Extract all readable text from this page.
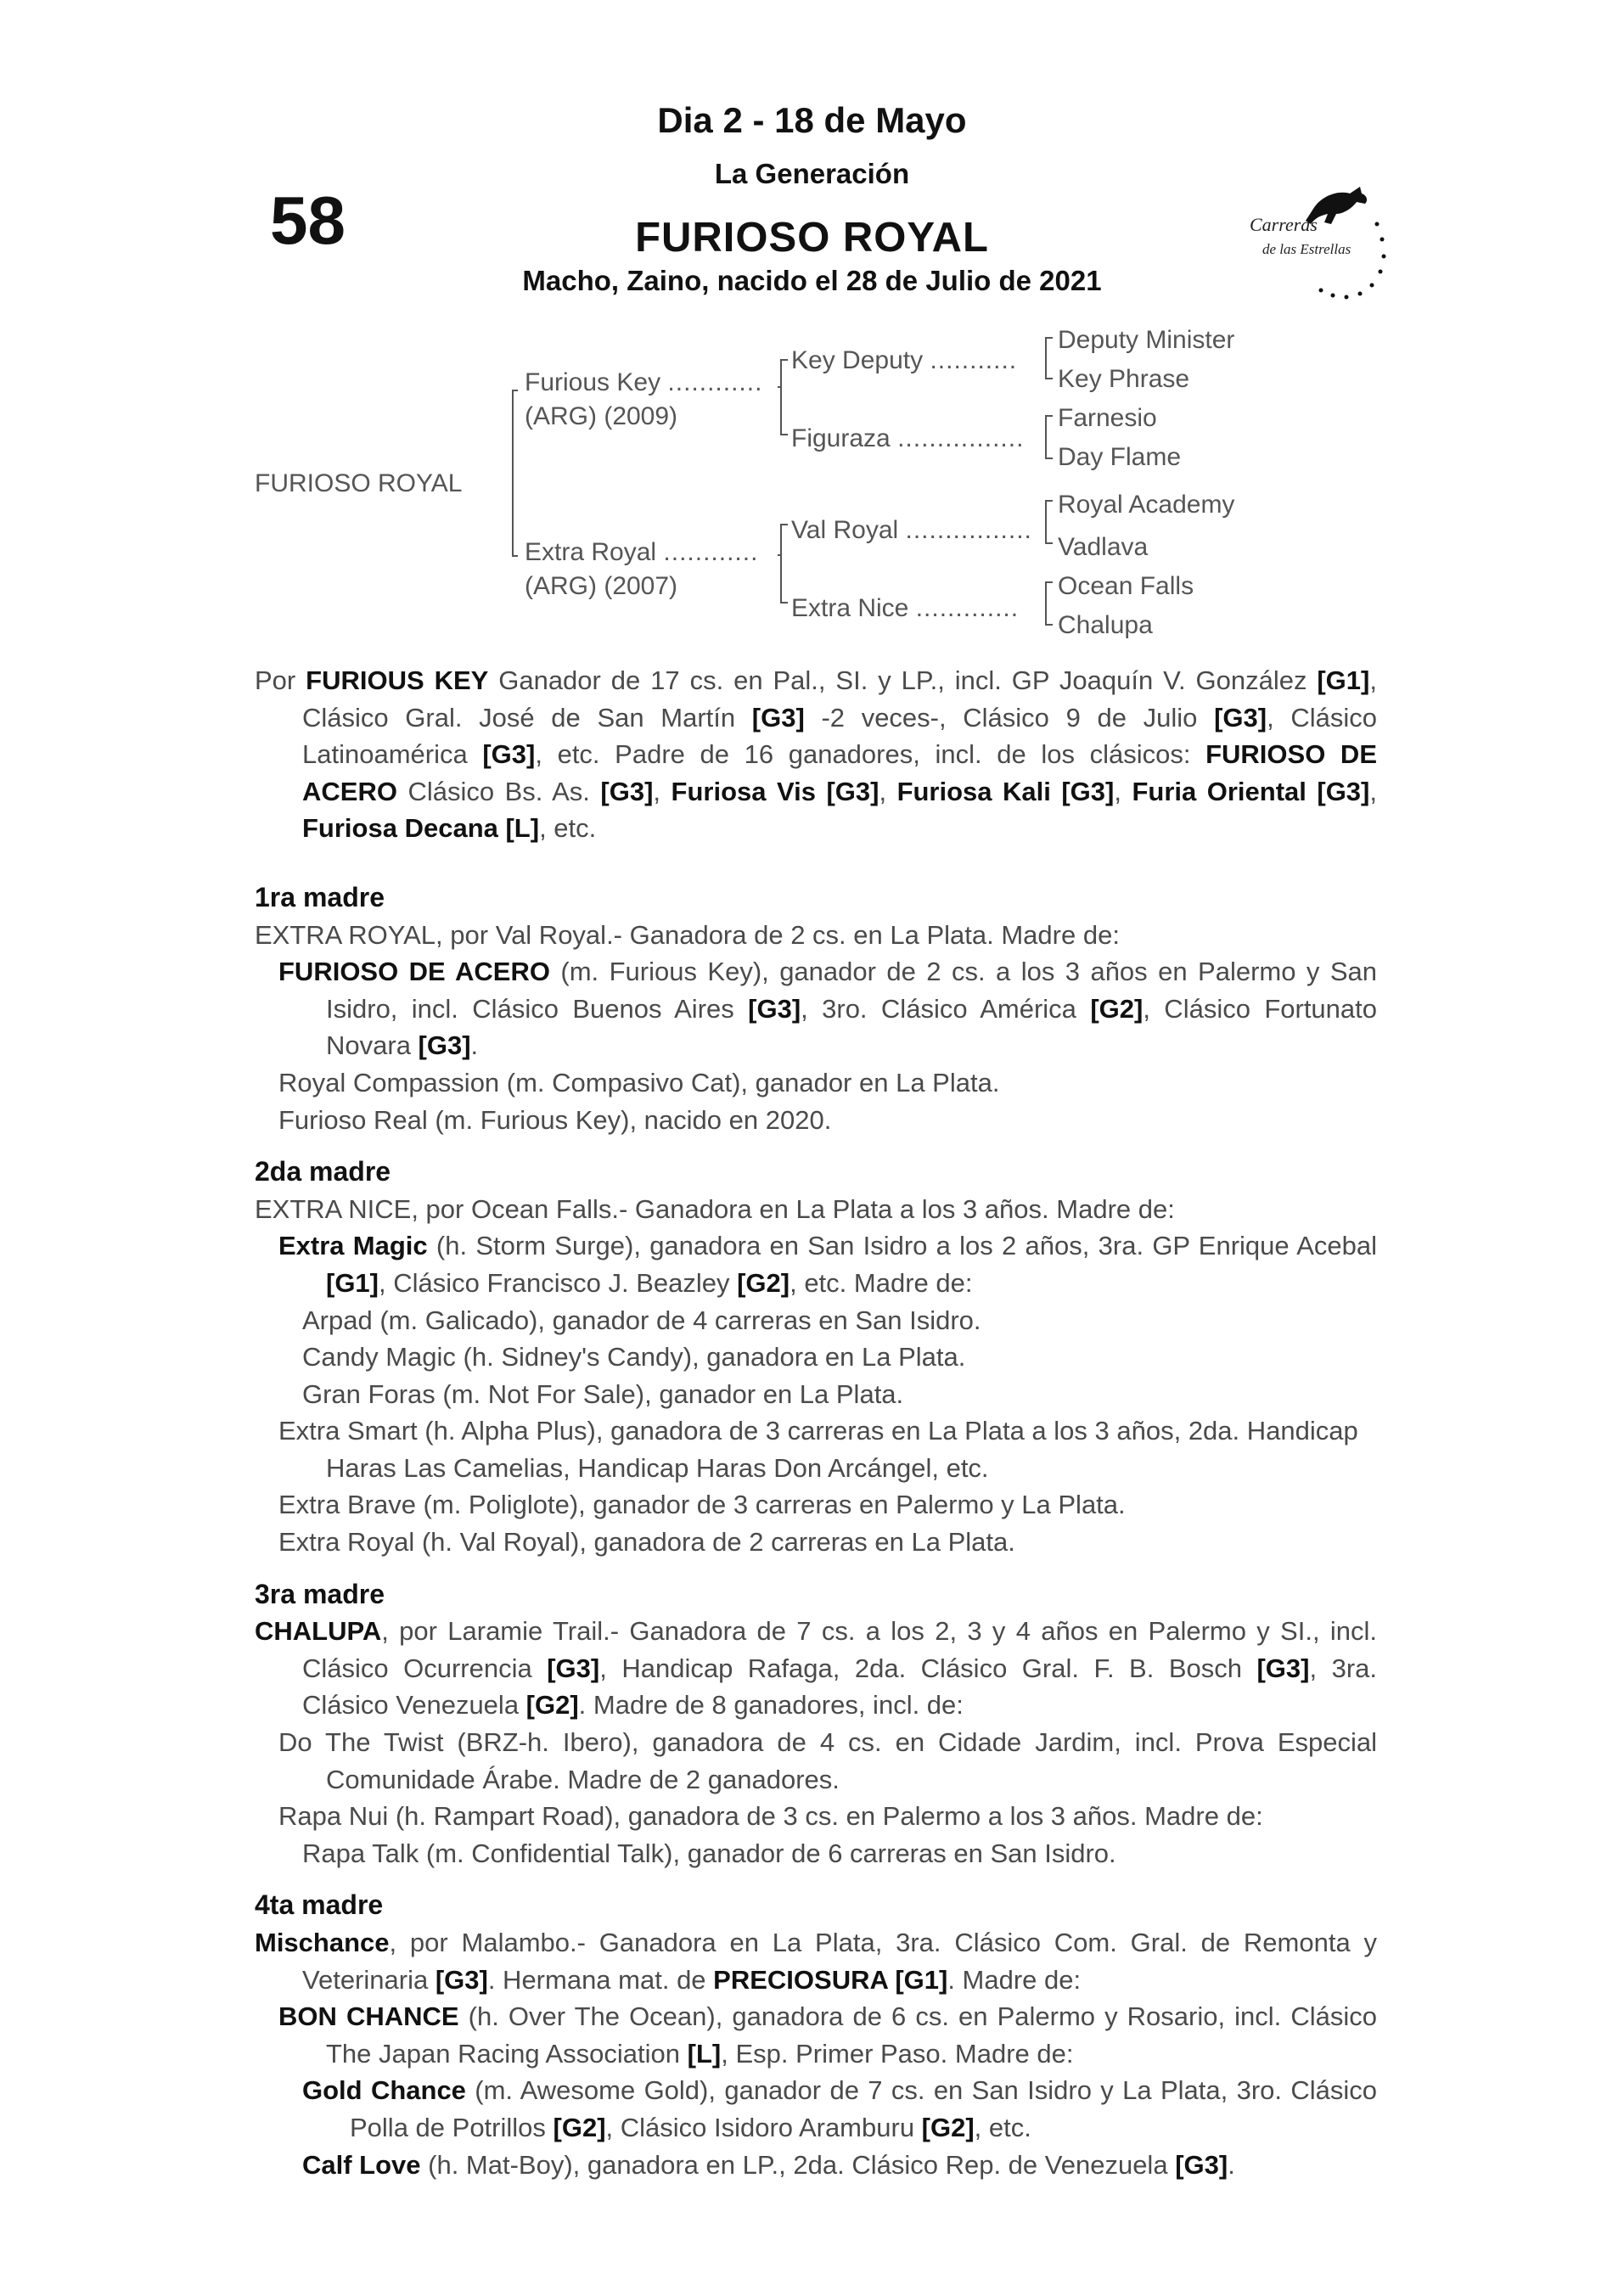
Dia 2 - 18 de Mayo
La Generación
58	FURIOSO ROYAL
Macho, Zaino, nacido el 28 de Julio de 2021
Carreras
de las Estrellas
FURIOSO ROYAL
Furious Key ............
(ARG) (2009)
Extra Royal ............
(ARG) (2007)
Key Deputy ...........
Figuraza ................
Val Royal ................
Extra Nice .............
Deputy Minister
Key Phrase
Farnesio
Day Flame
Royal Academy
Vadlava
Ocean Falls
Chalupa

Por FURIOUS KEY Ganador de 17 cs. en Pal., SI. y LP., incl. GP Joaquín V. González [G1], Clásico Gral. José de San Martín [G3] -2 veces-, Clásico 9 de Julio [G3], Clásico Latinoamérica [G3], etc. Padre de 16 ganadores, incl. de los clásicos: FURIOSO DE ACERO Clásico Bs. As. [G3], Furiosa Vis [G3], Furiosa Kali [G3], Furia Oriental [G3], Furiosa Decana [L], etc.

1ra madre

EXTRA ROYAL, por Val Royal.- Ganadora de 2 cs. en La Plata. Madre de:

FURIOSO DE ACERO (m. Furious Key), ganador de 2 cs. a los 3 años en Palermo y San Isidro, incl. Clásico Buenos Aires [G3], 3ro. Clásico América [G2], Clásico Fortunato Novara [G3].

Royal Compassion (m. Compasivo Cat), ganador en La Plata.

Furioso Real (m. Furious Key), nacido en 2020.

2da madre

EXTRA NICE, por Ocean Falls.- Ganadora en La Plata a los 3 años. Madre de:

Extra Magic (h. Storm Surge), ganadora en San Isidro a los 2 años, 3ra. GP Enrique Acebal [G1], Clásico Francisco J. Beazley [G2], etc. Madre de:

Arpad (m. Galicado), ganador de 4 carreras en San Isidro.

Candy Magic (h. Sidney's Candy), ganadora en La Plata.

Gran Foras (m. Not For Sale), ganador en La Plata.

Extra Smart (h. Alpha Plus), ganadora de 3 carreras en La Plata a los 3 años, 2da. Handicap Haras Las Camelias, Handicap Haras Don Arcángel, etc.

Extra Brave (m. Poliglote), ganador de 3 carreras en Palermo y La Plata.

Extra Royal (h. Val Royal), ganadora de 2 carreras en La Plata.

3ra madre

CHALUPA, por Laramie Trail.- Ganadora de 7 cs. a los 2, 3 y 4 años en Palermo y SI., incl. Clásico Ocurrencia [G3], Handicap Rafaga, 2da. Clásico Gral. F. B. Bosch [G3], 3ra. Clásico Venezuela [G2]. Madre de 8 ganadores, incl. de:

Do The Twist (BRZ-h. Ibero), ganadora de 4 cs. en Cidade Jardim, incl. Prova Especial Comunidade Árabe. Madre de 2 ganadores.

Rapa Nui (h. Rampart Road), ganadora de 3 cs. en Palermo a los 3 años. Madre de:

Rapa Talk (m. Confidential Talk), ganador de 6 carreras en San Isidro.

4ta madre

Mischance, por Malambo.- Ganadora en La Plata, 3ra. Clásico Com. Gral. de Remonta y Veterinaria [G3]. Hermana mat. de PRECIOSURA [G1]. Madre de:

BON CHANCE (h. Over The Ocean), ganadora de 6 cs. en Palermo y Rosario, incl. Clásico The Japan Racing Association [L], Esp. Primer Paso. Madre de:

Gold Chance (m. Awesome Gold), ganador de 7 cs. en San Isidro y La Plata, 3ro. Clásico Polla de Potrillos [G2], Clásico Isidoro Aramburu [G2], etc.

Calf Love (h. Mat-Boy), ganadora en LP., 2da. Clásico Rep. de Venezuela [G3].
